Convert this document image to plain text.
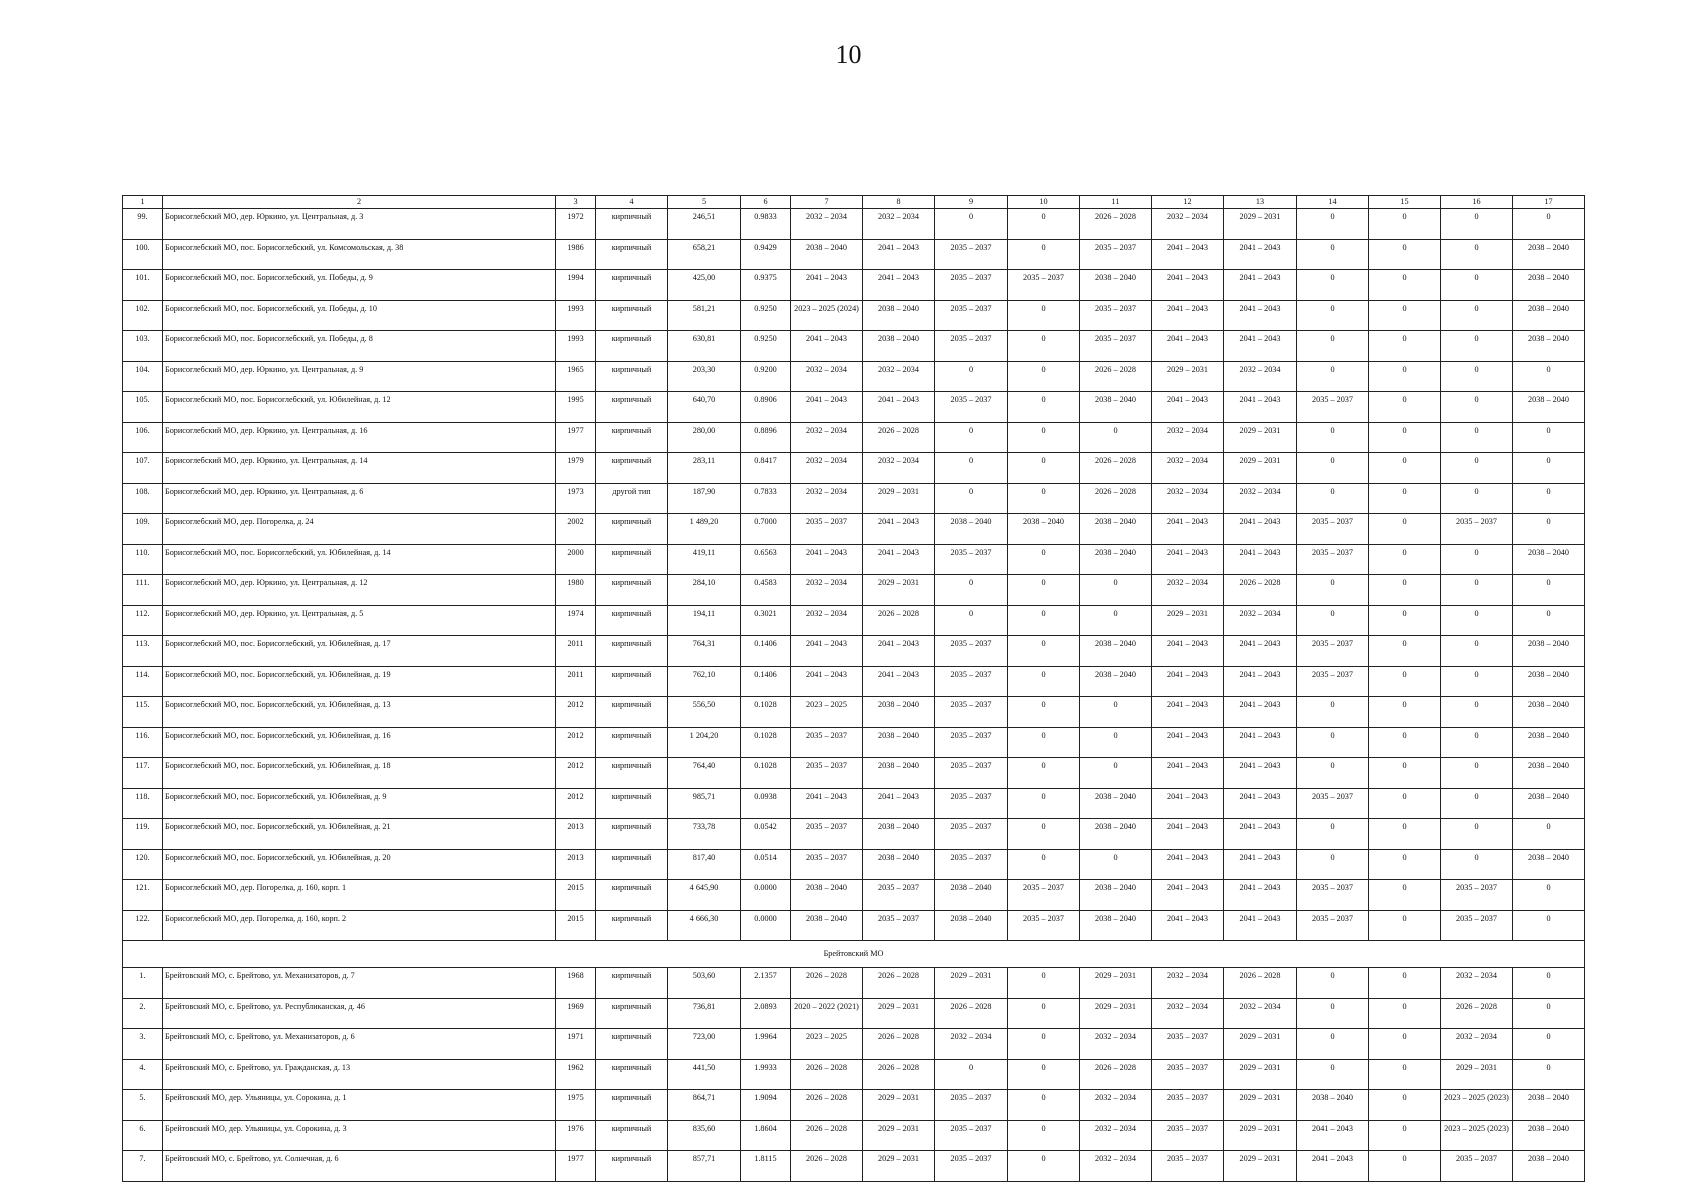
10
1	2	3	4	5	6	7	8	9	10	11	12	13	14	15	16	17
99.	Борисоглебский МО, дер. Юркино, ул. Центральная, д. 3	1972	кирпичный	246,51	0.9833	2032 – 2034	2032 – 2034	0	0	2026 – 2028	2032 – 2034	2029 – 2031	0	0	0	0
100.	Борисоглебский МО, пос. Борисоглебский, ул. Комсомольская, д. 38	1986	кирпичный	658,21	0.9429	2038 – 2040	2041 – 2043	2035 – 2037	0	2035 – 2037	2041 – 2043	2041 – 2043	0	0	0	2038 – 2040
101.	Борисоглебский МО, пос. Борисоглебский, ул. Победы, д. 9	1994	кирпичный	425,00	0.9375	2041 – 2043	2041 – 2043	2035 – 2037	2035 – 2037	2038 – 2040	2041 – 2043	2041 – 2043	0	0	0	2038 – 2040
102.	Борисоглебский МО, пос. Борисоглебский, ул. Победы, д. 10	1993	кирпичный	581,21	0.9250	2023 – 2025 (2024)	2038 – 2040	2035 – 2037	0	2035 – 2037	2041 – 2043	2041 – 2043	0	0	0	2038 – 2040
103.	Борисоглебский МО, пос. Борисоглебский, ул. Победы, д. 8	1993	кирпичный	630,81	0.9250	2041 – 2043	2038 – 2040	2035 – 2037	0	2035 – 2037	2041 – 2043	2041 – 2043	0	0	0	2038 – 2040
104.	Борисоглебский МО, дер. Юркино, ул. Центральная, д. 9	1965	кирпичный	203,30	0.9200	2032 – 2034	2032 – 2034	0	0	2026 – 2028	2029 – 2031	2032 – 2034	0	0	0	0
105.	Борисоглебский МО, пос. Борисоглебский, ул. Юбилейная, д. 12	1995	кирпичный	640,70	0.8906	2041 – 2043	2041 – 2043	2035 – 2037	0	2038 – 2040	2041 – 2043	2041 – 2043	2035 – 2037	0	0	2038 – 2040
106.	Борисоглебский МО, дер. Юркино, ул. Центральная, д. 16	1977	кирпичный	280,00	0.8896	2032 – 2034	2026 – 2028	0	0	0	2032 – 2034	2029 – 2031	0	0	0	0
107.	Борисоглебский МО, дер. Юркино, ул. Центральная, д. 14	1979	кирпичный	283,11	0.8417	2032 – 2034	2032 – 2034	0	0	2026 – 2028	2032 – 2034	2029 – 2031	0	0	0	0
108.	Борисоглебский МО, дер. Юркино, ул. Центральная, д. 6	1973	другой тип	187,90	0.7833	2032 – 2034	2029 – 2031	0	0	2026 – 2028	2032 – 2034	2032 – 2034	0	0	0	0
109.	Борисоглебский МО, дер. Погорелка, д. 24	2002	кирпичный	1 489,20	0.7000	2035 – 2037	2041 – 2043	2038 – 2040	2038 – 2040	2038 – 2040	2041 – 2043	2041 – 2043	2035 – 2037	0	2035 – 2037	0
110.	Борисоглебский МО, пос. Борисоглебский, ул. Юбилейная, д. 14	2000	кирпичный	419,11	0.6563	2041 – 2043	2041 – 2043	2035 – 2037	0	2038 – 2040	2041 – 2043	2041 – 2043	2035 – 2037	0	0	2038 – 2040
111.	Борисоглебский МО, дер. Юркино, ул. Центральная, д. 12	1980	кирпичный	284,10	0.4583	2032 – 2034	2029 – 2031	0	0	0	2032 – 2034	2026 – 2028	0	0	0	0
112.	Борисоглебский МО, дер. Юркино, ул. Центральная, д. 5	1974	кирпичный	194,11	0.3021	2032 – 2034	2026 – 2028	0	0	0	2029 – 2031	2032 – 2034	0	0	0	0
113.	Борисоглебский МО, пос. Борисоглебский, ул. Юбилейная, д. 17	2011	кирпичный	764,31	0.1406	2041 – 2043	2041 – 2043	2035 – 2037	0	2038 – 2040	2041 – 2043	2041 – 2043	2035 – 2037	0	0	2038 – 2040
114.	Борисоглебский МО, пос. Борисоглебский, ул. Юбилейная, д. 19	2011	кирпичный	762,10	0.1406	2041 – 2043	2041 – 2043	2035 – 2037	0	2038 – 2040	2041 – 2043	2041 – 2043	2035 – 2037	0	0	2038 – 2040
115.	Борисоглебский МО, пос. Борисоглебский, ул. Юбилейная, д. 13	2012	кирпичный	556,50	0.1028	2023 – 2025	2038 – 2040	2035 – 2037	0	0	2041 – 2043	2041 – 2043	0	0	0	2038 – 2040
116.	Борисоглебский МО, пос. Борисоглебский, ул. Юбилейная, д. 16	2012	кирпичный	1 204,20	0.1028	2035 – 2037	2038 – 2040	2035 – 2037	0	0	2041 – 2043	2041 – 2043	0	0	0	2038 – 2040
117.	Борисоглебский МО, пос. Борисоглебский, ул. Юбилейная, д. 18	2012	кирпичный	764,40	0.1028	2035 – 2037	2038 – 2040	2035 – 2037	0	0	2041 – 2043	2041 – 2043	0	0	0	2038 – 2040
118.	Борисоглебский МО, пос. Борисоглебский, ул. Юбилейная, д. 9	2012	кирпичный	985,71	0.0938	2041 – 2043	2041 – 2043	2035 – 2037	0	2038 – 2040	2041 – 2043	2041 – 2043	2035 – 2037	0	0	2038 – 2040
119.	Борисоглебский МО, пос. Борисоглебский, ул. Юбилейная, д. 21	2013	кирпичный	733,78	0.0542	2035 – 2037	2038 – 2040	2035 – 2037	0	2038 – 2040	2041 – 2043	2041 – 2043	0	0	0	0
120.	Борисоглебский МО, пос. Борисоглебский, ул. Юбилейная, д. 20	2013	кирпичный	817,40	0.0514	2035 – 2037	2038 – 2040	2035 – 2037	0	0	2041 – 2043	2041 – 2043	0	0	0	2038 – 2040
121.	Борисоглебский МО, дер. Погорелка, д. 160, корп. 1	2015	кирпичный	4 645,90	0.0000	2038 – 2040	2035 – 2037	2038 – 2040	2035 – 2037	2038 – 2040	2041 – 2043	2041 – 2043	2035 – 2037	0	2035 – 2037	0
122.	Борисоглебский МО, дер. Погорелка, д. 160, корп. 2	2015	кирпичный	4 666,30	0.0000	2038 – 2040	2035 – 2037	2038 – 2040	2035 – 2037	2038 – 2040	2041 – 2043	2041 – 2043	2035 – 2037	0	2035 – 2037	0
Брейтовский МО																
1.	Брейтовский МО, с. Брейтово, ул. Механизаторов, д. 7	1968	кирпичный	503,60	2.1357	2026 – 2028	2026 – 2028	2029 – 2031	0	2029 – 2031	2032 – 2034	2026 – 2028	0	0	2032 – 2034	0
2.	Брейтовский МО, с. Брейтово, ул. Республиканская, д. 46	1969	кирпичный	736,81	2.0893	2020 – 2022 (2021)	2029 – 2031	2026 – 2028	0	2029 – 2031	2032 – 2034	2032 – 2034	0	0	2026 – 2028	0
3.	Брейтовский МО, с. Брейтово, ул. Механизаторов, д. 6	1971	кирпичный	723,00	1.9964	2023 – 2025	2026 – 2028	2032 – 2034	0	2032 – 2034	2035 – 2037	2029 – 2031	0	0	2032 – 2034	0
4.	Брейтовский МО, с. Брейтово, ул. Гражданская, д. 13	1962	кирпичный	441,50	1.9933	2026 – 2028	2026 – 2028	0	0	2026 – 2028	2035 – 2037	2029 – 2031	0	0	2029 – 2031	0
5.	Брейтовский МО, дер. Ульяницы, ул. Сорокина, д. 1	1975	кирпичный	864,71	1.9094	2026 – 2028	2029 – 2031	2035 – 2037	0	2032 – 2034	2035 – 2037	2029 – 2031	2038 – 2040	0	2023 – 2025 (2023)	2038 – 2040
6.	Брейтовский МО, дер. Ульяницы, ул. Сорокина, д. 3	1976	кирпичный	835,60	1.8604	2026 – 2028	2029 – 2031	2035 – 2037	0	2032 – 2034	2035 – 2037	2029 – 2031	2041 – 2043	0	2023 – 2025 (2023)	2038 – 2040
7.	Брейтовский МО, с. Брейтово, ул. Солнечная, д. 6	1977	кирпичный	857,71	1.8115	2026 – 2028	2029 – 2031	2035 – 2037	0	2032 – 2034	2035 – 2037	2029 – 2031	2041 – 2043	0	2035 – 2037	2038 – 2040
